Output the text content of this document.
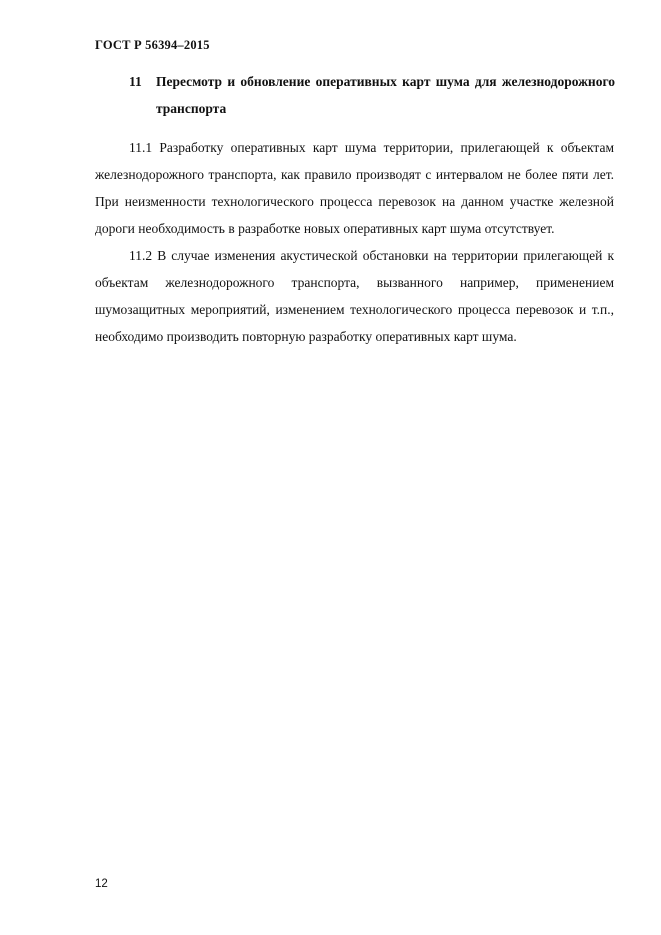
ГОСТ Р 56394–2015
11 Пересмотр и обновление оперативных карт шума для железнодорожного транспорта

11.1 Разработку оперативных карт шума территории, прилегающей к объектам железнодорожного транспорта, как правило производят с интервалом не более пяти лет. При неизменности технологического процесса перевозок на данном участке железной дороги необходимость в разработке новых оперативных карт шума отсутствует.

11.2 В случае изменения акустической обстановки на территории прилегающей к объектам железнодорожного транспорта, вызванного например, применением шумозащитных мероприятий, изменением технологического процесса перевозок и т.п., необходимо производить повторную разработку оперативных карт шума.

12
